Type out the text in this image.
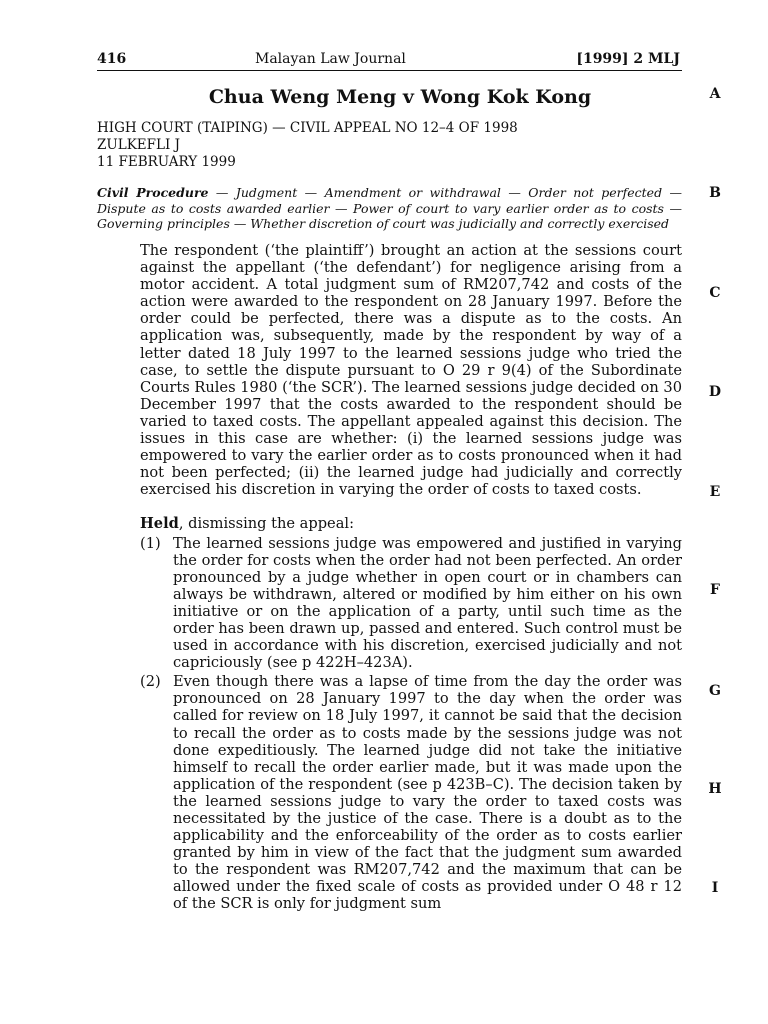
416	Malayan Law Journal	[1999] 2 MLJ
Chua Weng Meng v Wong Kok Kong
HIGH COURT (TAIPING) — CIVIL APPEAL NO 12–4 OF 1998
ZULKEFLI J
11 FEBRUARY 1999
Civil Procedure — Judgment — Amendment or withdrawal — Order not perfected — Dispute as to costs awarded earlier — Power of court to vary earlier order as to costs — Governing principles — Whether discretion of court was judicially and correctly exercised

The respondent (‘the plaintiff’) brought an action at the sessions court against the appellant (‘the defendant’) for negligence arising from a motor accident. A total judgment sum of RM207,742 and costs of the action were awarded to the respondent on 28 January 1997. Before the order could be perfected, there was a dispute as to the costs. An application was, subsequently, made by the respondent by way of a letter dated 18 July 1997 to the learned sessions judge who tried the case, to settle the dispute pursuant to O 29 r 9(4) of the Subordinate Courts Rules 1980 (‘the SCR’). The learned sessions judge decided on 30 December 1997 that the costs awarded to the respondent should be varied to taxed costs. The appellant appealed against this decision. The issues in this case are whether: (i) the learned sessions judge was empowered to vary the earlier order as to costs pronounced when it had not been perfected; (ii) the learned judge had judicially and correctly exercised his discretion in varying the order of costs to taxed costs.

Held, dismissing the appeal:

(1) The learned sessions judge was empowered and justified in varying the order for costs when the order had not been perfected. An order pronounced by a judge whether in open court or in chambers can always be withdrawn, altered or modified by him either on his own initiative or on the application of a party, until such time as the order has been drawn up, passed and entered. Such control must be used in accordance with his discretion, exercised judicially and not capriciously (see p 422H–423A).
(2) Even though there was a lapse of time from the day the order was pronounced on 28 January 1997 to the day when the order was called for review on 18 July 1997, it cannot be said that the decision to recall the order as to costs made by the sessions judge was not done expeditiously. The learned judge did not take the initiative himself to recall the order earlier made, but it was made upon the application of the respondent (see p 423B–C). The decision taken by the learned sessions judge to vary the order to taxed costs was necessitated by the justice of the case. There is a doubt as to the applicability and the enforceability of the order as to costs earlier granted by him in view of the fact that the judgment sum awarded to the respondent was RM207,742 and the maximum that can be allowed under the fixed scale of costs as provided under O 48 r 12 of the SCR is only for judgment sum
A
B
C
D
E
F
G
H
I
